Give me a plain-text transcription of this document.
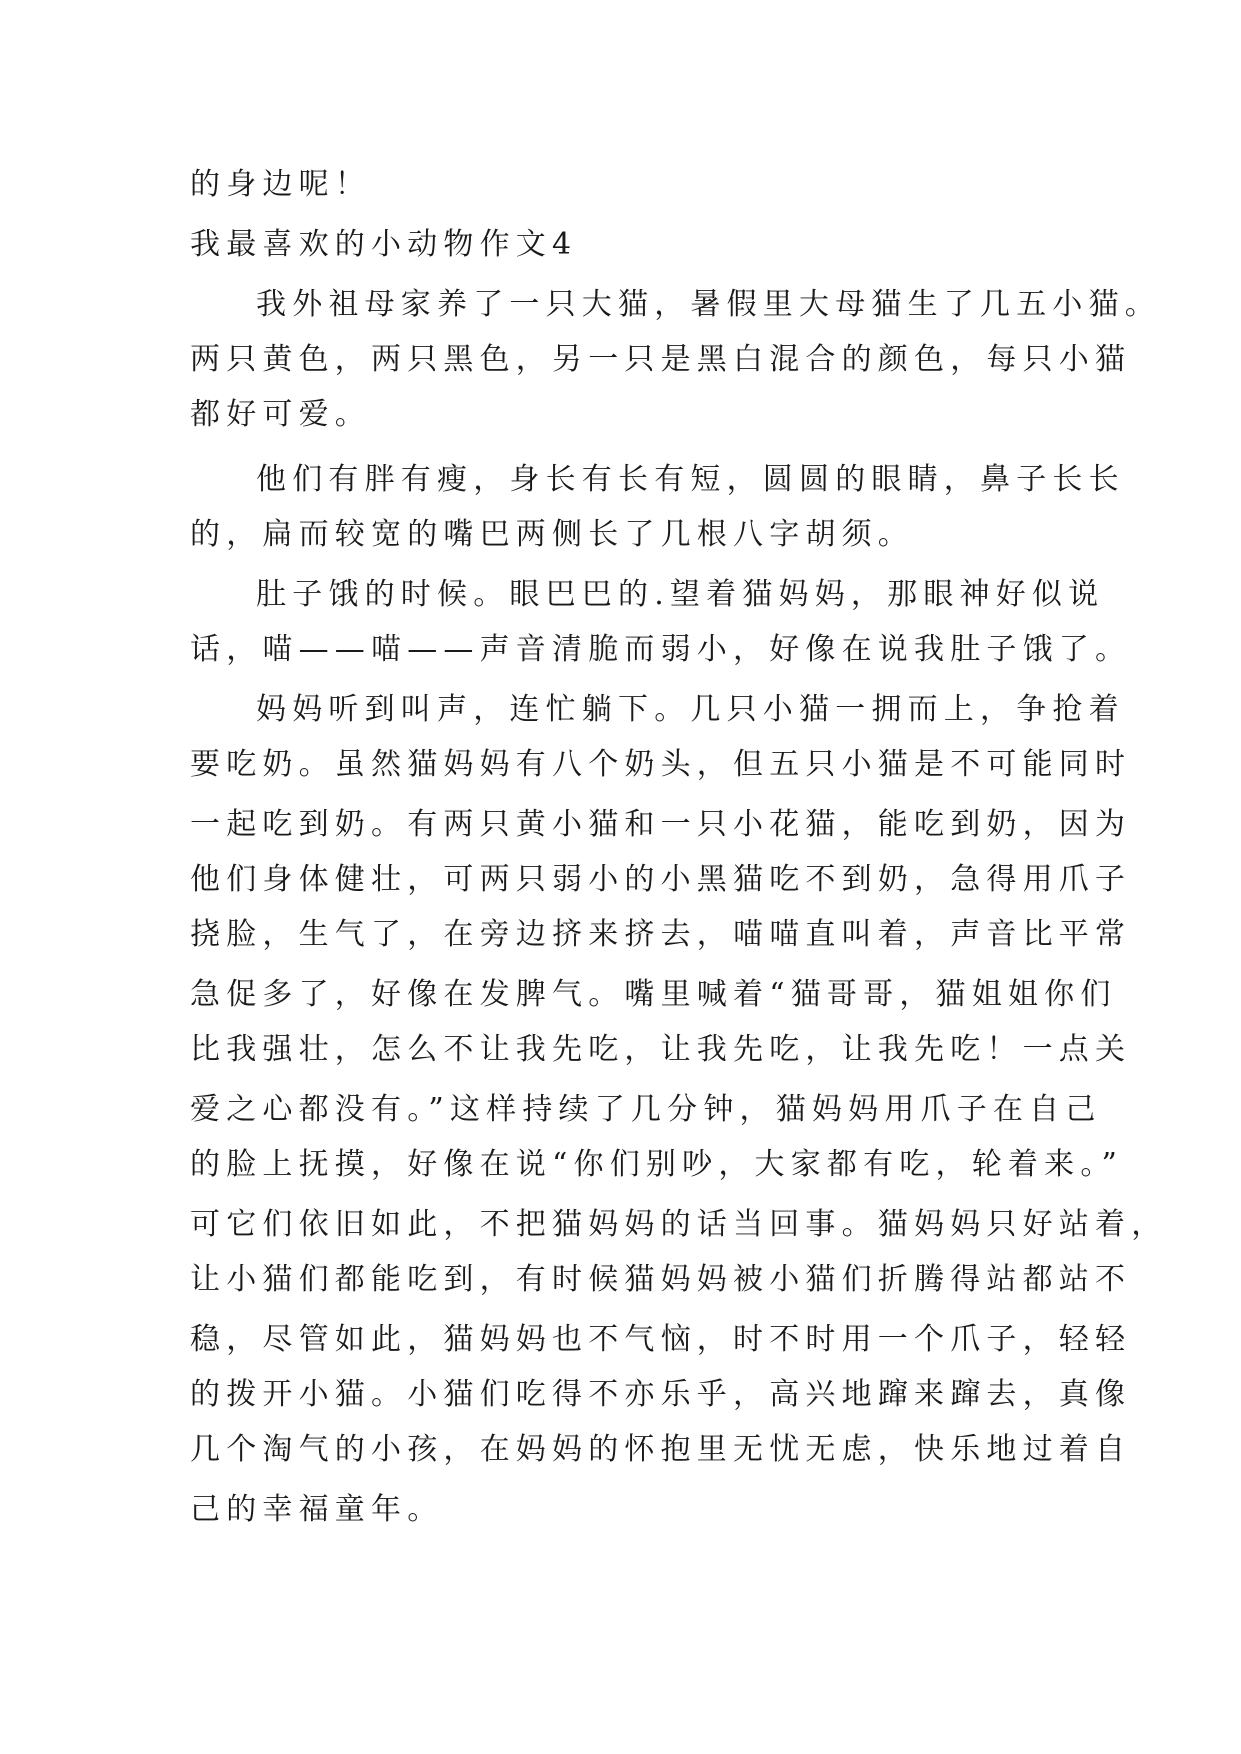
的身边呢！
我最喜欢的小动物作文4
我外祖母家养了一只大猫，暑假里大母猫生了几五小猫。
两只黄色，两只黑色，另一只是黑白混合的颜色，每只小猫
都好可爱。
他们有胖有瘦，身长有长有短，圆圆的眼睛，鼻子长长
的，扁而较宽的嘴巴两侧长了几根八字胡须。
肚子饿的时候。眼巴巴的.望着猫妈妈，那眼神好似说
话，喵——喵——声音清脆而弱小，好像在说我肚子饿了。
妈妈听到叫声，连忙躺下。几只小猫一拥而上，争抢着
要吃奶。虽然猫妈妈有八个奶头，但五只小猫是不可能同时
一起吃到奶。有两只黄小猫和一只小花猫，能吃到奶，因为
他们身体健壮，可两只弱小的小黑猫吃不到奶，急得用爪子
挠脸，生气了，在旁边挤来挤去，喵喵直叫着，声音比平常
急促多了，好像在发脾气。嘴里喊着“猫哥哥，猫姐姐你们
比我强壮，怎么不让我先吃，让我先吃，让我先吃！一点关
爱之心都没有。”这样持续了几分钟，猫妈妈用爪子在自己
的脸上抚摸，好像在说“你们别吵，大家都有吃，轮着来。”
可它们依旧如此，不把猫妈妈的话当回事。猫妈妈只好站着，
让小猫们都能吃到，有时候猫妈妈被小猫们折腾得站都站不
稳，尽管如此，猫妈妈也不气恼，时不时用一个爪子，轻轻
的拨开小猫。小猫们吃得不亦乐乎，高兴地蹿来蹿去，真像
几个淘气的小孩，在妈妈的怀抱里无忧无虑，快乐地过着自
己的幸福童年。
